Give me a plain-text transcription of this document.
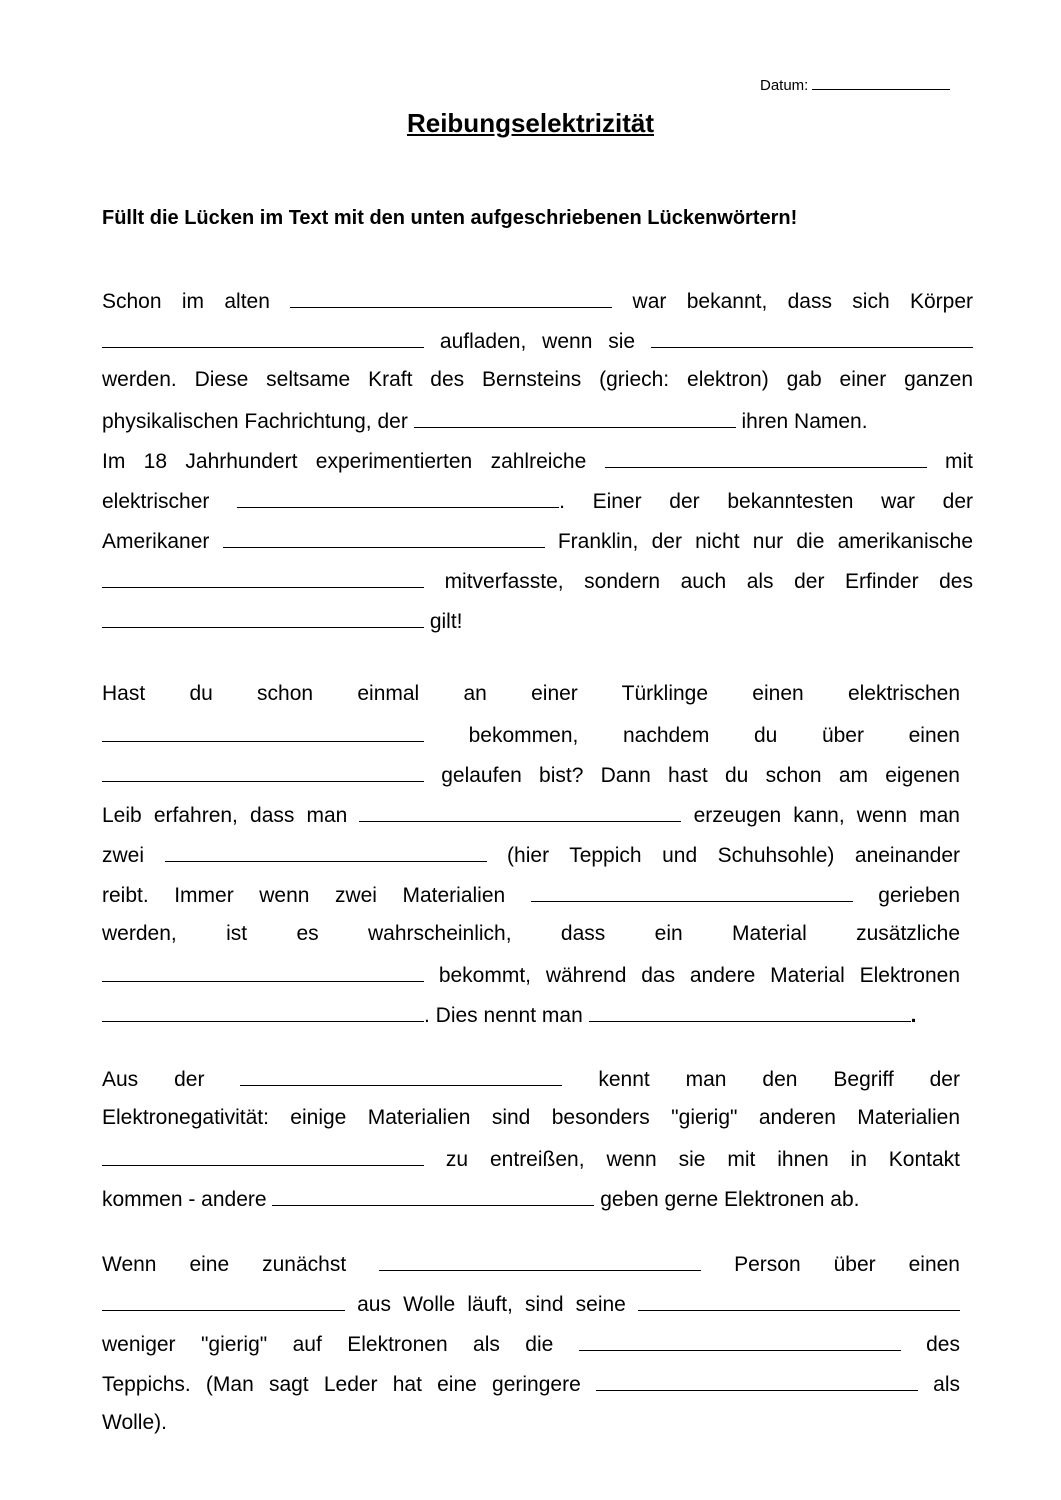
Datum:
Reibungselektrizität
Füllt die Lücken im Text mit den unten aufgeschriebenen Lückenwörtern!
Schon im alten	war bekannt, dass sich Körper
aufladen, wenn sie
werden. Diese seltsame Kraft des Bernsteins (griech: elektron) gab einer ganzen
physikalischen Fachrichtung, der	ihren Namen.
Im 18 Jahrhundert experimentierten zahlreiche	mit
elektrischer	. Einer der bekanntesten war der
Amerikaner	Franklin, der nicht nur die amerikanische
mitverfasste, sondern auch als der Erfinder des
gilt!
Hast du schon einmal an einer Türklinge einen elektrischen
bekommen, nachdem du über einen
gelaufen bist? Dann hast du schon am eigenen
Leib erfahren, dass man	erzeugen kann, wenn man
zwei	(hier Teppich und Schuhsohle) aneinander
reibt. Immer wenn zwei Materialien	gerieben
werden, ist es wahrscheinlich, dass ein Material zusätzliche
bekommt, während das andere Material Elektronen
. Dies nennt man	.
Aus der	kennt man den Begriff der
Elektronegativität: einige Materialien sind besonders "gierig" anderen Materialien
zu entreißen, wenn sie mit ihnen in Kontakt
kommen - andere	geben gerne Elektronen ab.
Wenn eine zunächst	Person über einen
aus Wolle läuft, sind seine
weniger "gierig" auf Elektronen als die	des
Teppichs. (Man sagt Leder hat eine geringere	als
Wolle).
